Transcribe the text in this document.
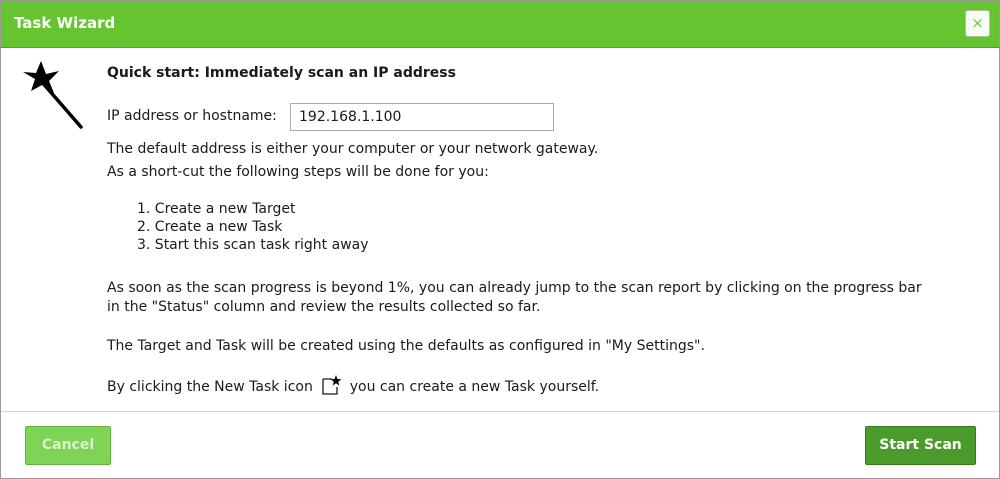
Task Wizard	×
Quick start: Immediately scan an IP address
IP address or hostname:
192.168.1.100
The default address is either your computer or your network gateway.
As a short-cut the following steps will be done for you:
1. Create a new Target
2. Create a new Task
3. Start this scan task right away
As soon as the scan progress is beyond 1%, you can already jump to the scan report by clicking on the progress bar
in the "Status" column and review the results collected so far.
The Target and Task will be created using the defaults as configured in "My Settings".
By clicking the New Task icon	you can create a new Task yourself.
Cancel	Start Scan
